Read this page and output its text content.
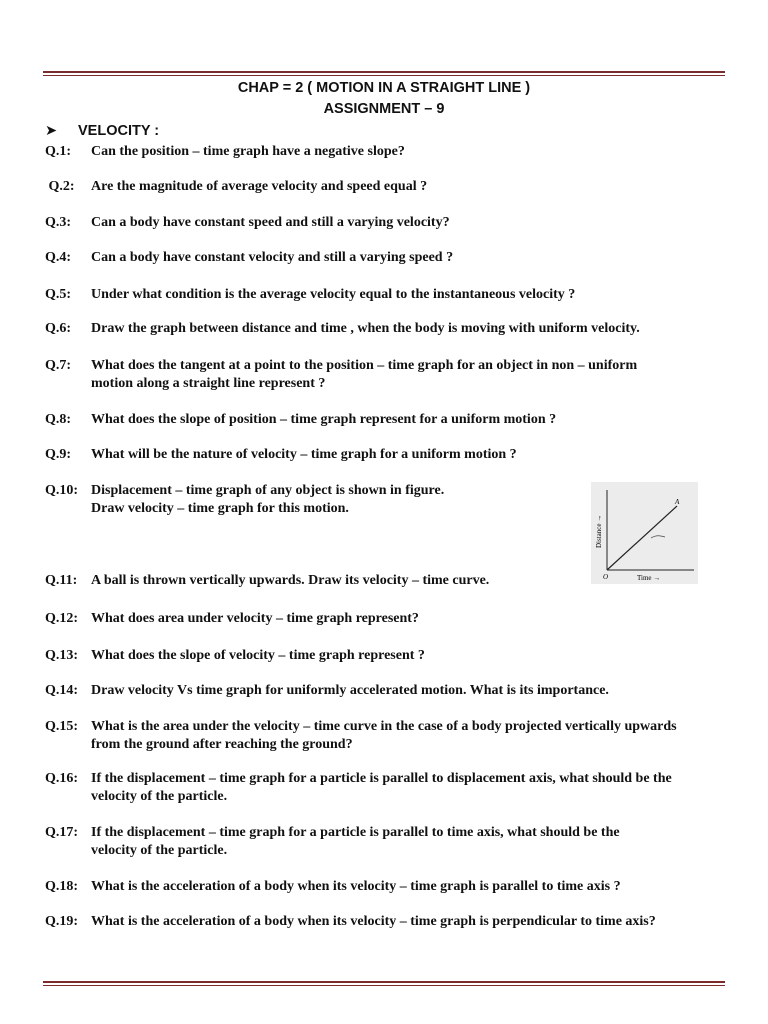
CHAP = 2 ( MOTION IN A STRAIGHT LINE )
ASSIGNMENT – 9
➤ VELOCITY :
Q.1: Can the position – time graph have a negative slope?
Q.2: Are the magnitude of average velocity and speed equal ?
Q.3: Can a body have constant speed and still a varying velocity?
Q.4: Can a body have constant velocity and still a varying speed ?
Q.5: Under what condition is the average velocity equal to the instantaneous velocity ?
Q.6: Draw the graph between distance and time , when the body is moving with uniform velocity.
Q.7: What does the tangent at a point to the position – time graph for an object in non – uniform
motion along a straight line represent ?
Q.8: What does the slope of position – time graph represent for a uniform motion ?
Q.9: What will be the nature of velocity – time graph for a uniform motion ?
Q.10: Displacement – time graph of any object is shown in figure.
Draw velocity – time graph for this motion.
Q.11: A ball is thrown vertically upwards. Draw its velocity – time curve.
Q.12: What does area under velocity – time graph represent?
Q.13: What does the slope of velocity – time graph represent ?
Q.14: Draw velocity Vs time graph for uniformly accelerated motion. What is its importance.
Q.15: What is the area under the velocity – time curve in the case of a body projected vertically upwards
from the ground after reaching the ground?
Q.16: If the displacement – time graph for a particle is parallel to displacement axis, what should be the
velocity of the particle.
Q.17: If the displacement – time graph for a particle is parallel to time axis, what should be the
velocity of the particle.
Q.18: What is the acceleration of a body when its velocity – time graph is parallel to time axis ?
Q.19: What is the acceleration of a body when its velocity – time graph is perpendicular to time axis?
A
O	Time →
Distance →
